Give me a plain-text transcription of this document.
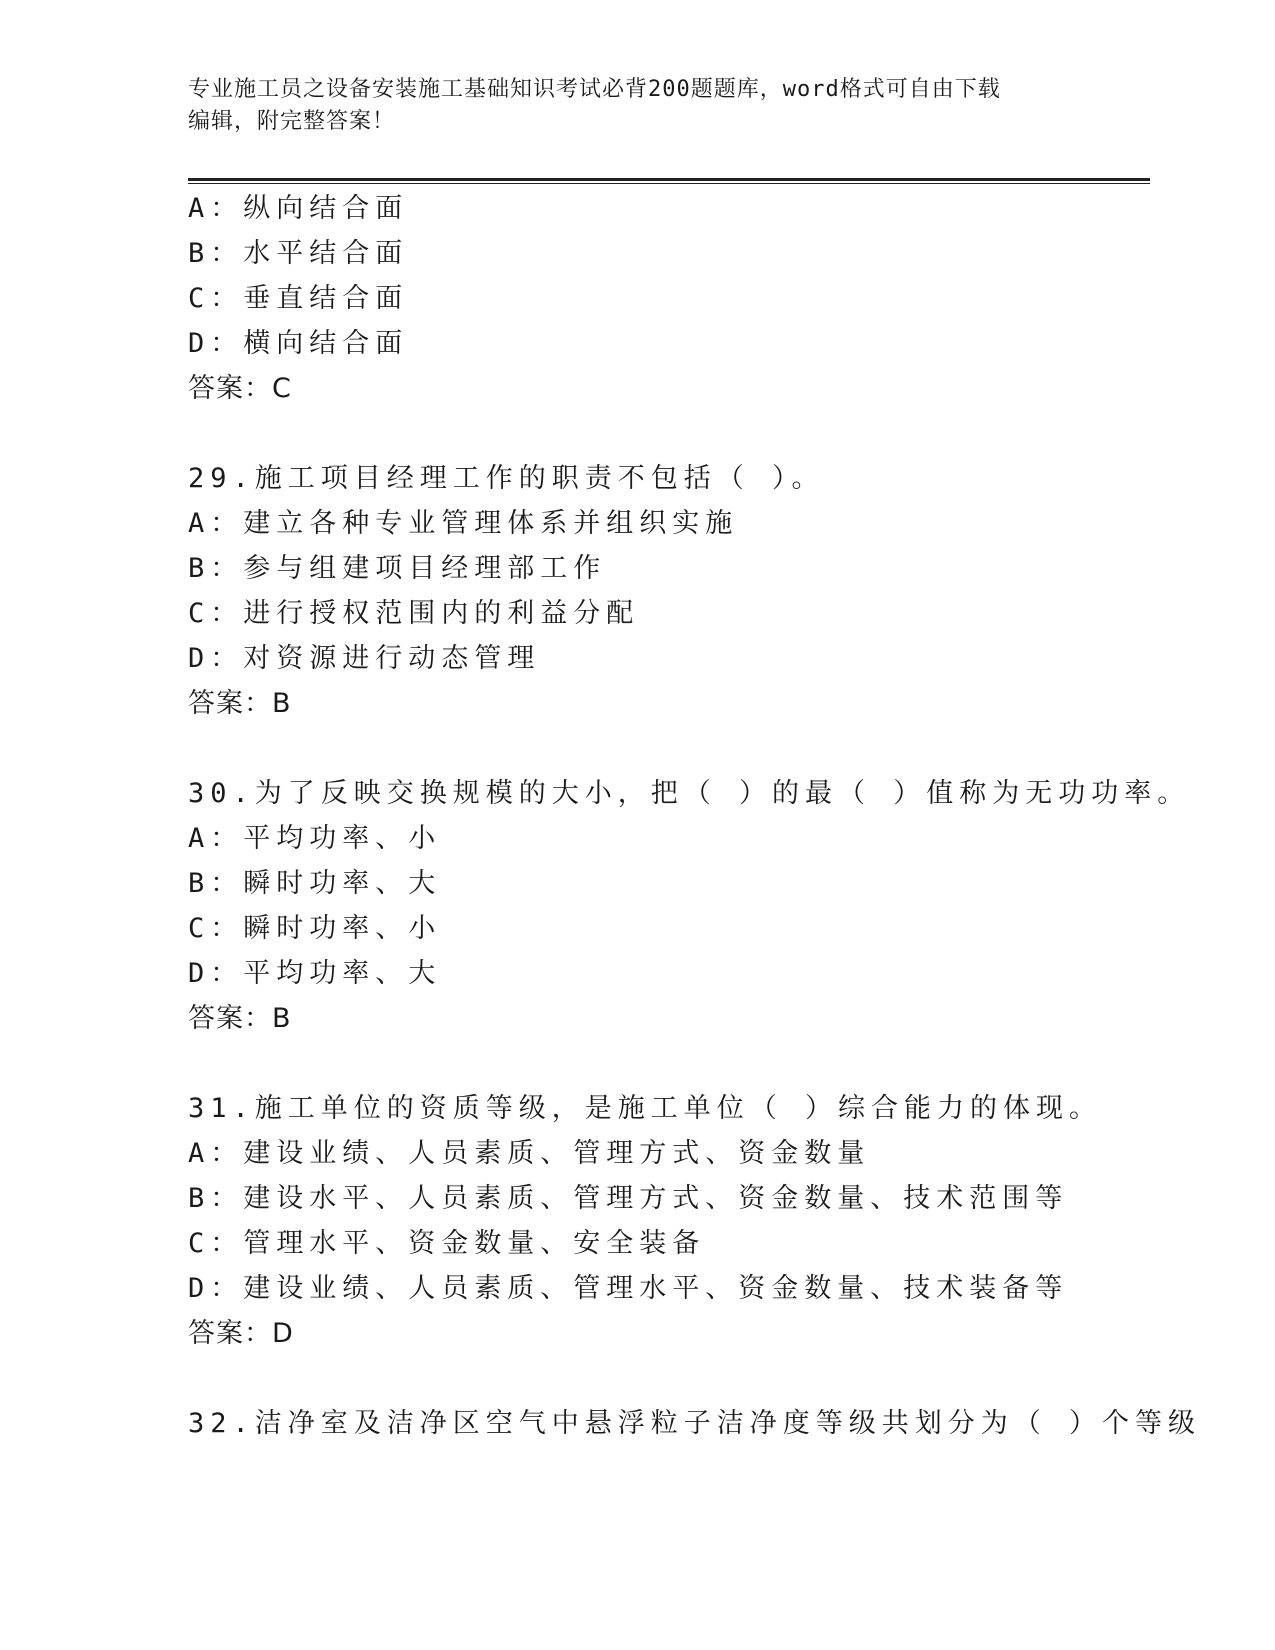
专业施工员之设备安装施工基础知识考试必背200题题库，word格式可自由下载
编辑，附完整答案！
A：纵向结合面
B：水平结合面
C：垂直结合面
D：横向结合面
答案：C
29.施工项目经理工作的职责不包括（ ）。
A：建立各种专业管理体系并组织实施
B：参与组建项目经理部工作
C：进行授权范围内的利益分配
D：对资源进行动态管理
答案：B
30.为了反映交换规模的大小，把（ ）的最（ ）值称为无功功率。
A：平均功率、小
B：瞬时功率、大
C：瞬时功率、小
D：平均功率、大
答案：B
31.施工单位的资质等级，是施工单位（ ）综合能力的体现。
A：建设业绩、人员素质、管理方式、资金数量
B：建设水平、人员素质、管理方式、资金数量、技术范围等
C：管理水平、资金数量、安全装备
D：建设业绩、人员素质、管理水平、资金数量、技术装备等
答案：D
32.洁净室及洁净区空气中悬浮粒子洁净度等级共划分为（ ）个等级
